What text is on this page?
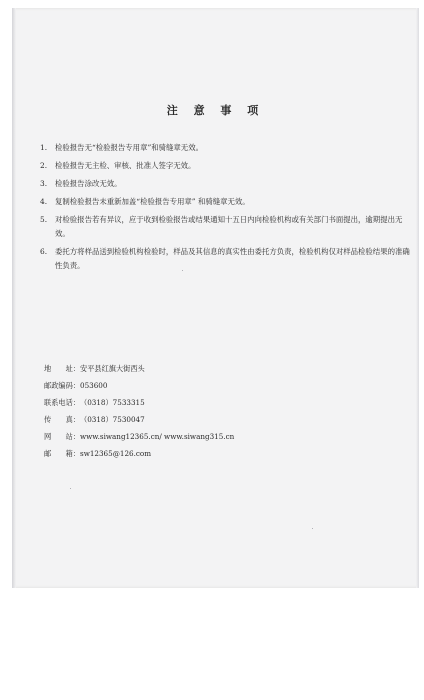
注 意 事 项
1. 检验报告无“检验报告专用章”和骑缝章无效。
2. 检验报告无主检、审核、批准人签字无效。
3. 检验报告涂改无效。
4. 复制检验报告未重新加盖“检验报告专用章” 和骑缝章无效。
5. 对检验报告若有异议，应于收到检验报告或结果通知十五日内向检验机构或有关部门书面提出，逾期提出无效。
6. 委托方将样品送到检验机构检验时，样品及其信息的真实性由委托方负责，检验机构仅对样品检验结果的准确性负责。
地 址： 安平县红旗大街西头
邮政编码： 053600
联系电话： （0318）7533315
传 真： （0318）7530047
网 站： www.siwang12365.cn/ www.siwang315.cn
邮 箱： sw12365@126.com
